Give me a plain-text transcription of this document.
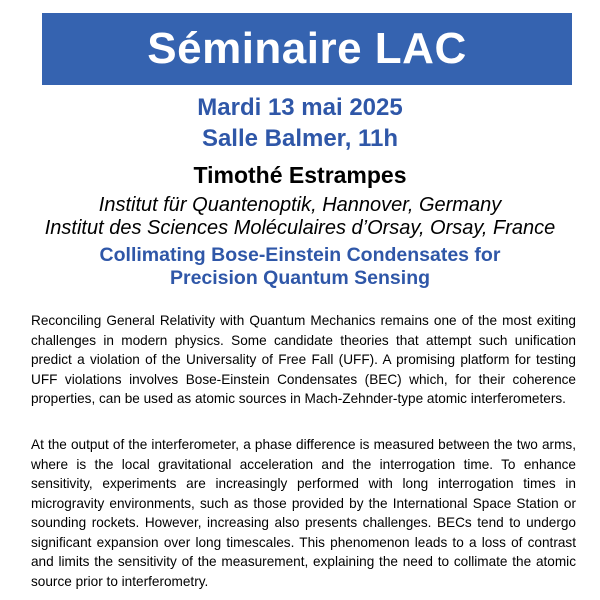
Séminaire LAC
Mardi 13 mai 2025
Salle Balmer, 11h
Timothé Estrampes
Institut für Quantenoptik, Hannover, Germany
Institut des Sciences Moléculaires d’Orsay, Orsay, France
Collimating Bose-Einstein Condensates for
Precision Quantum Sensing

Reconciling General Relativity with Quantum Mechanics remains one of the most exiting challenges in modern physics. Some candidate theories that attempt such unification predict a violation of the Universality of Free Fall (UFF). A promising platform for testing UFF violations involves Bose-Einstein Condensates (BEC) which, for their coherence properties, can be used as atomic sources in Mach-Zehnder-type atomic interferometers.

At the output of the interferometer, a phase difference is measured between the two arms, where is the local gravitational acceleration and the interrogation time. To enhance sensitivity, experiments are increasingly performed with long interrogation times in microgravity environments, such as those provided by the International Space Station or sounding rockets. However, increasing also presents challenges. BECs tend to undergo significant expansion over long timescales. This phenomenon leads to a loss of contrast and limits the sensitivity of the measurement, explaining the need to collimate the atomic source prior to interferometry.
